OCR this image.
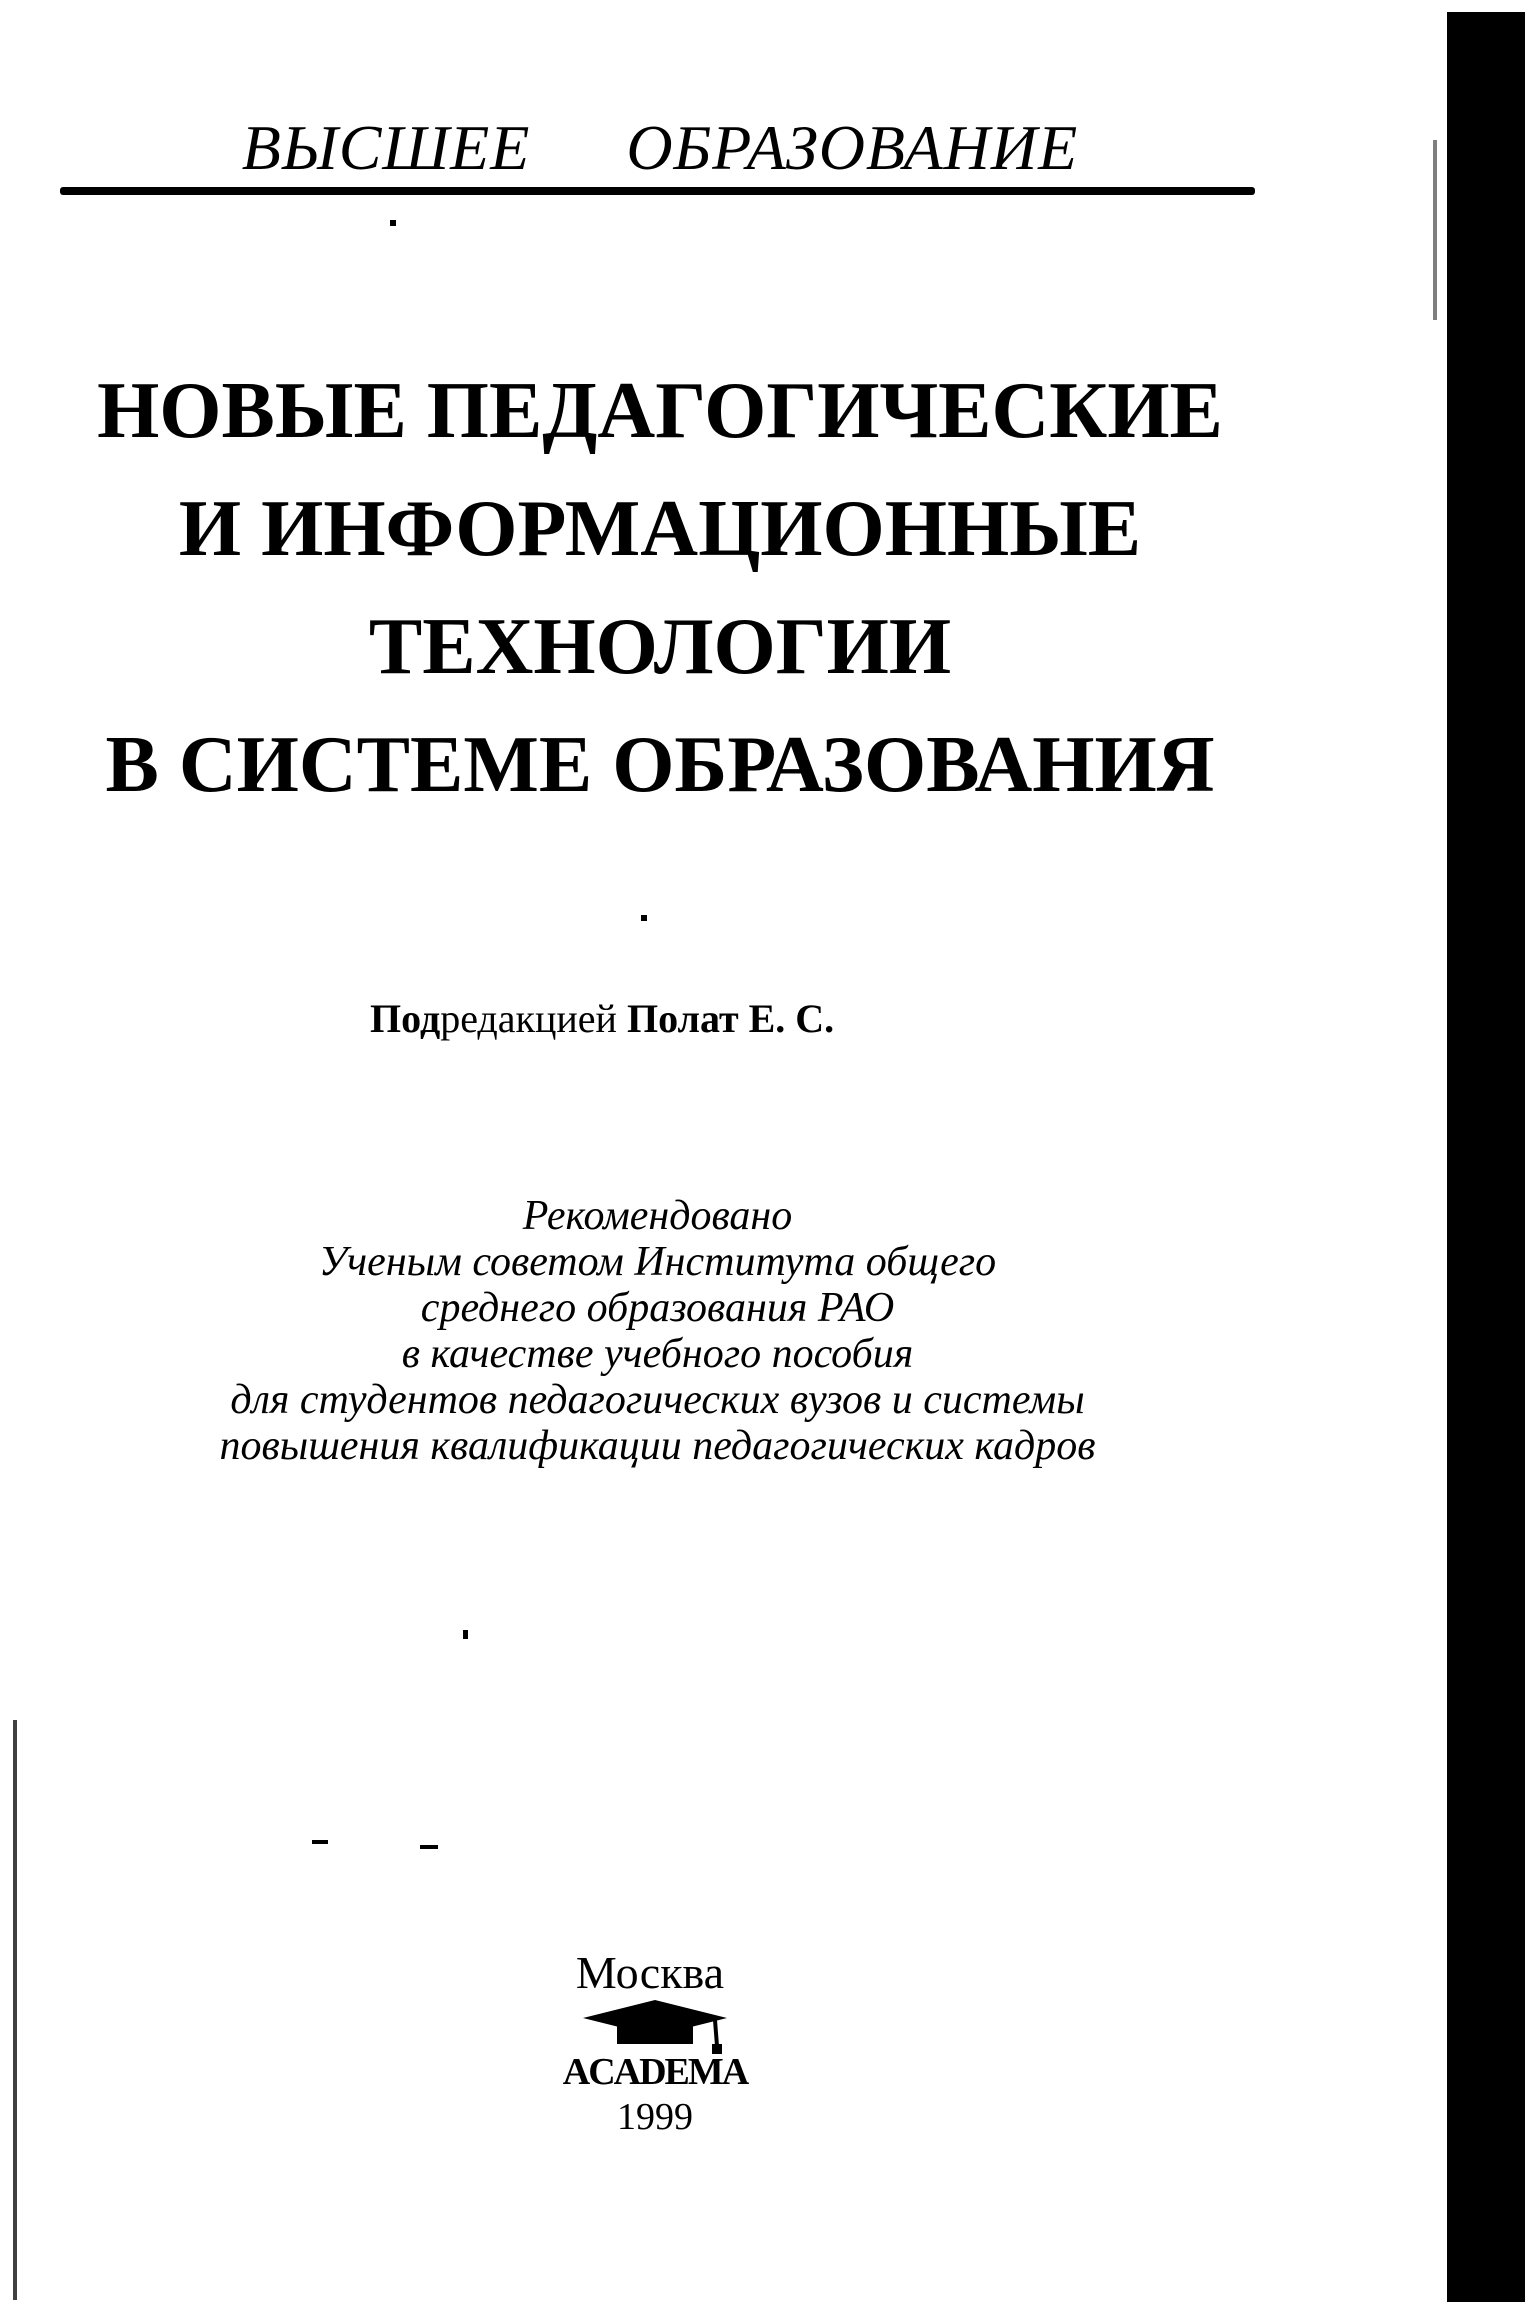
ВЫСШЕЕ ОБРАЗОВАНИЕ
НОВЫЕ ПЕДАГОГИЧЕСКИЕ
И ИНФОРМАЦИОННЫЕ
ТЕХНОЛОГИИ
В СИСТЕМЕ ОБРАЗОВАНИЯ
Подредакцией Полат Е. С.
Рекомендовано
Ученым советом Института общего
среднего образования РАО
в качестве учебного пособия
для студентов педагогических вузов и системы
повышения квалификации педагогических кадров
Москва
ACADEMA
1999
